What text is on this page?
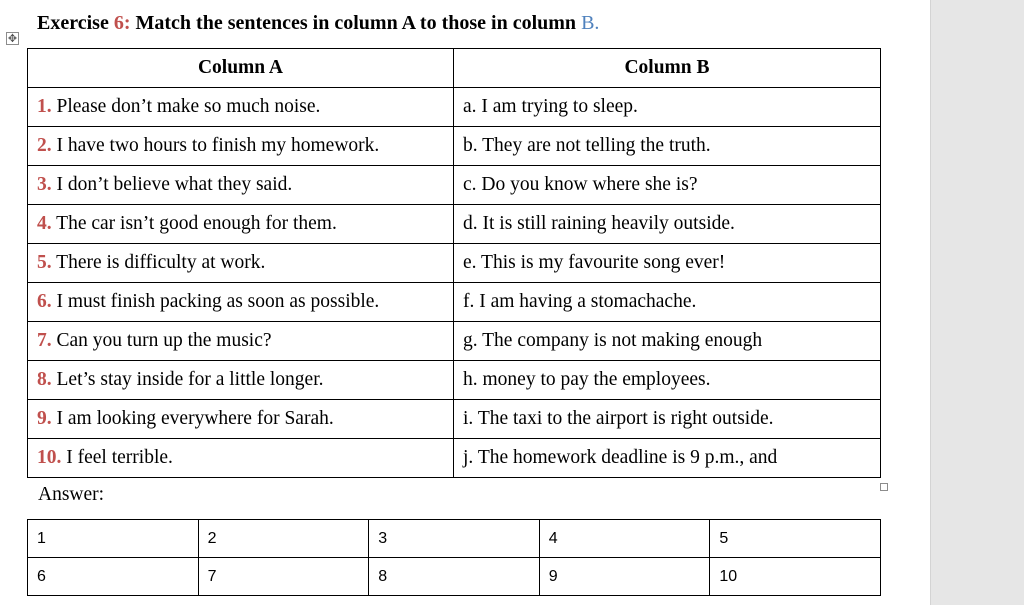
✥
Exercise 6: Match the sentences in column A to those in column B.
Column A	Column B
1. Please don’t make so much noise.	a. I am trying to sleep.
2. I have two hours to finish my homework.	b. They are not telling the truth.
3. I don’t believe what they said.	c. Do you know where she is?
4. The car isn’t good enough for them.	d. It is still raining heavily outside.
5. There is difficulty at work.	e. This is my favourite song ever!
6. I must finish packing as soon as possible.	f. I am having a stomachache.
7. Can you turn up the music?	g. The company is not making enough
8. Let’s stay inside for a little longer.	h. money to pay the employees.
9. I am looking everywhere for Sarah.	i. The taxi to the airport is right outside.
10. I feel terrible.	j. The homework deadline is 9 p.m., and
Answer:
1	2	3	4	5
6	7	8	9	10
